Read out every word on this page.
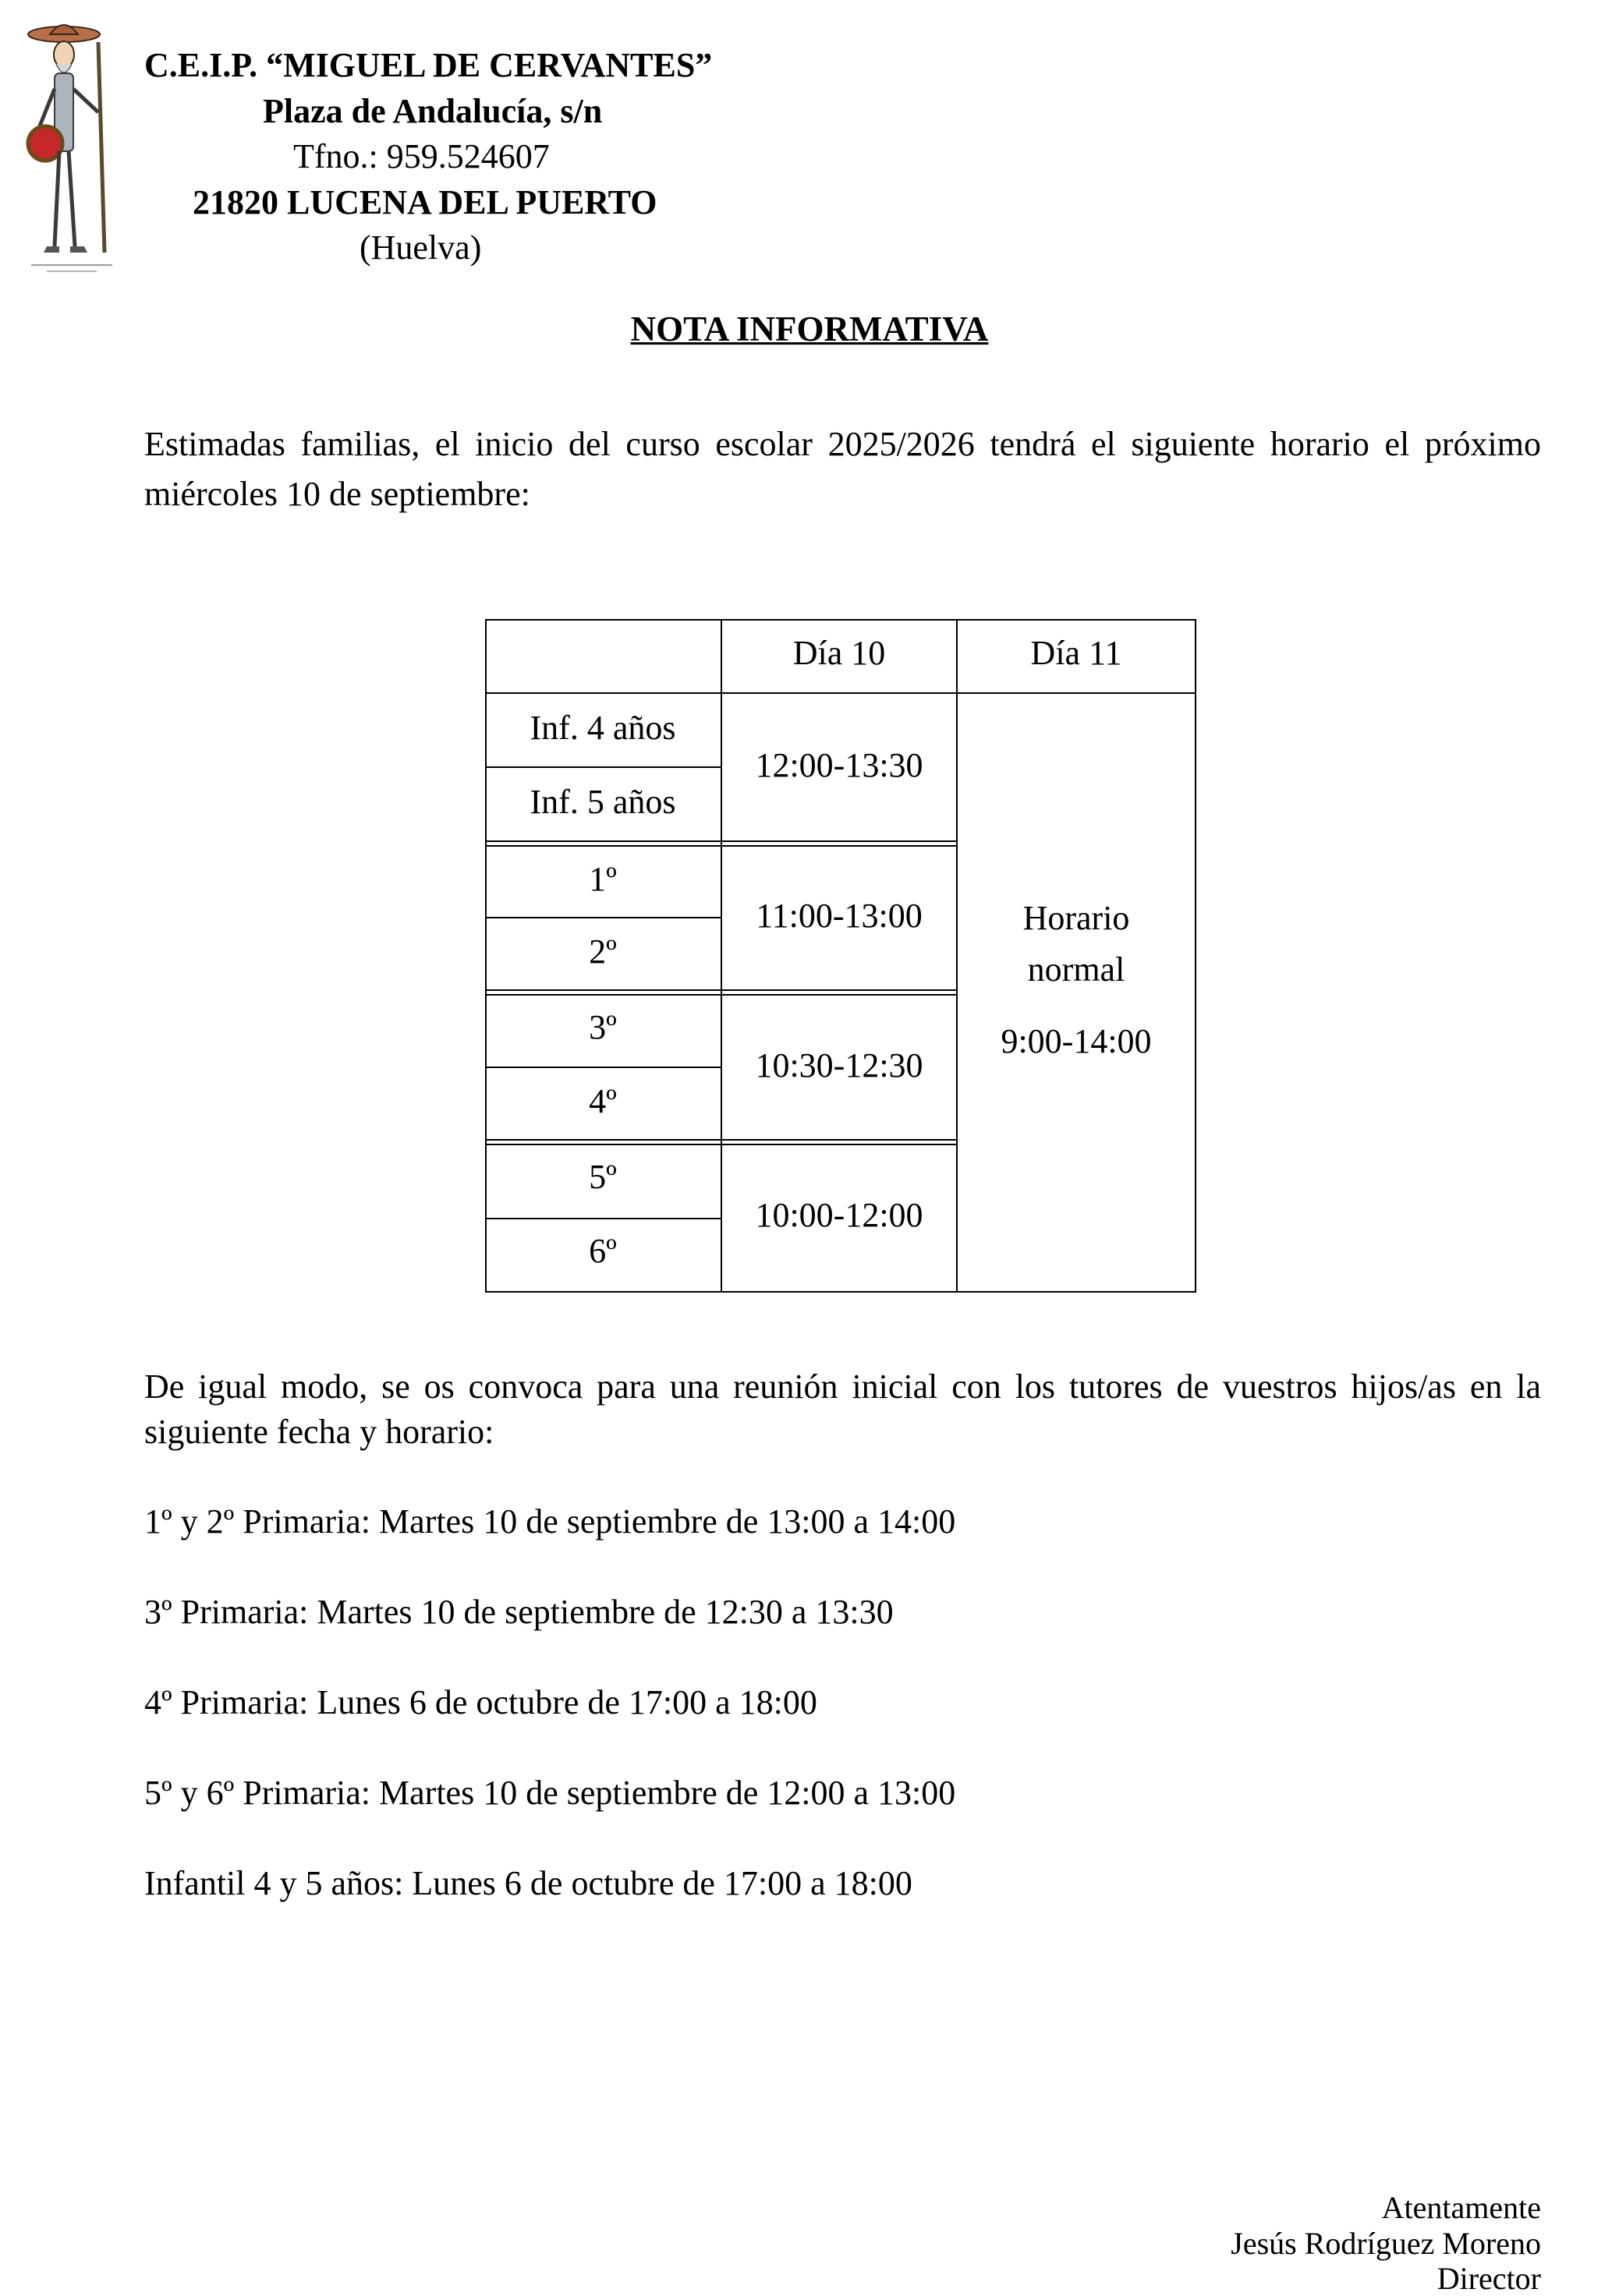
C.E.I.P. “MIGUEL DE CERVANTES”
Plaza de Andalucía, s/n
Tfno.: 959.524607
21820 LUCENA DEL PUERTO
(Huelva)
NOTA INFORMATIVA
Estimadas familias, el inicio del curso escolar 2025/2026 tendrá el siguiente horario el próximo miércoles 10 de septiembre:
Día 10	Día 11
Inf. 4 años
Inf. 5 años
1º
2º
3º
4º
5º
6º
12:00-13:30
11:00-13:00
10:30-12:30
10:00-12:00
Horario
normal
9:00-14:00
De igual modo, se os convoca para una reunión inicial con los tutores de vuestros hijos/as en la siguiente fecha y horario:
1º y 2º Primaria: Martes 10 de septiembre de 13:00 a 14:00
3º Primaria: Martes 10 de septiembre de 12:30 a 13:30
4º Primaria: Lunes 6 de octubre de 17:00 a 18:00
5º y 6º Primaria: Martes 10 de septiembre de 12:00 a 13:00
Infantil 4 y 5 años: Lunes 6 de octubre de 17:00 a 18:00
Atentamente
Jesús Rodríguez Moreno
Director
